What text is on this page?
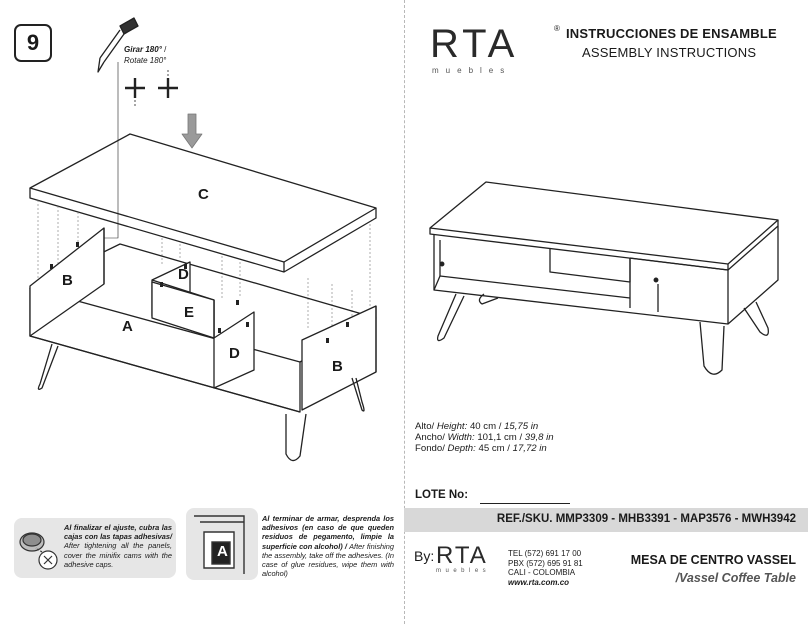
9	Girar 180° /
Rotate 180°
C
B
A
D
E
D
B
Al finalizar el ajuste, cubra las cajas con las tapas adhesivas/ After tightening all the panels, cover the minifix cams with the adhesive caps.
A
Al terminar de armar, desprenda los adhesivos (en caso de que queden residuos de pegamento, limpie la superficie con alcohol) / After finishing the assembly, take off the adhesives. (In case of glue residues, wipe them with alcohol)
RTA
muebles
® INSTRUCCIONES DE ENSAMBLE
ASSEMBLY INSTRUCTIONS
Alto/ Height: 40 cm / 15,75 in
Ancho/ Width: 101,1 cm / 39,8 in
Fondo/ Depth: 45 cm / 17,72 in
LOTE No:
REF./SKU. MMP3309 - MHB3391 - MAP3576 - MWH3942
By: RTA
muebles
TEL (572) 691 17 00
PBX (572) 695 91 81
CALI - COLOMBIA
www.rta.com.co
MESA DE CENTRO VASSEL
/Vassel Coffee Table
